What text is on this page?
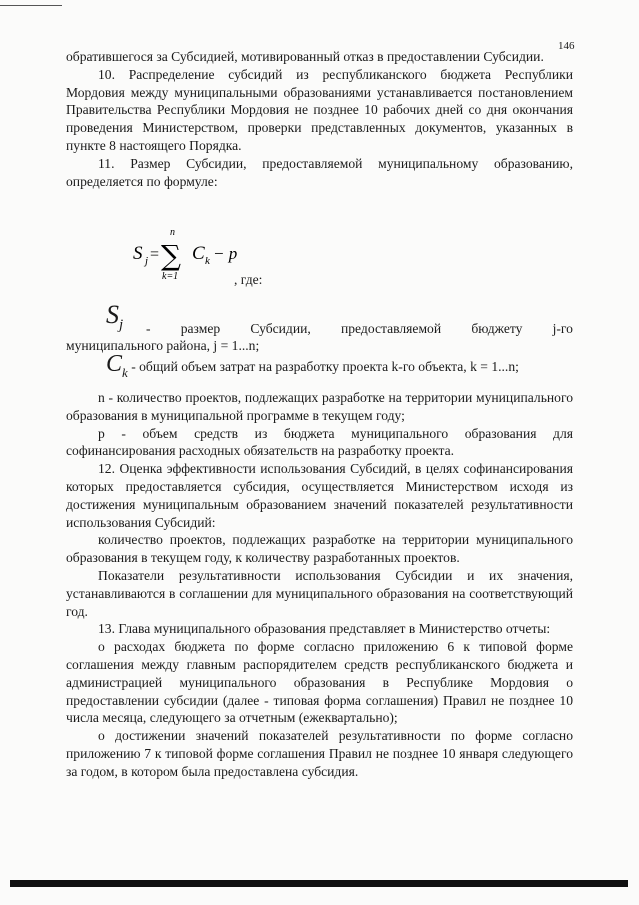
146

обратившегося за Субсидией, мотивированный отказ в предоставлении Субсидии.

10. Распределение субсидий из республиканского бюджета Республики Мордовия между муниципальными образованиями устанавливается постановлением Правительства Республики Мордовия не позднее 10 рабочих дней со дня окончания проведения Министерством, проверки представленных документов, указанных в пункте 8 настоящего Порядка.

11. Размер Субсидии, предоставляемой муниципальному образованию, определяется по формуле:

S j = ∑
n
k=1
C k − p
, где:
$S_j$ - размер Субсидии, предоставляемой бюджету j-го
муниципального района, j = 1...n;

$C_k$ - общий объем затрат на разработку проекта k-го объекта, k = 1...n;

n - количество проектов, подлежащих разработке на территории муниципального образования в муниципальной программе в текущем году;

p - объем средств из бюджета муниципального образования для софинансирования расходных обязательств на разработку проекта.

12. Оценка эффективности использования Субсидий, в целях софинансирования которых предоставляется субсидия, осуществляется Министерством исходя из достижения муниципальным образованием значений показателей результативности использования Субсидий:

количество проектов, подлежащих разработке на территории муниципального образования в текущем году, к количеству разработанных проектов.

Показатели результативности использования Субсидии и их значения, устанавливаются в соглашении для муниципального образования на соответствующий год.

13. Глава муниципального образования представляет в Министерство отчеты:

о расходах бюджета по форме согласно приложению 6 к типовой форме соглашения между главным распорядителем средств республиканского бюджета и администрацией муниципального образования в Республике Мордовия о предоставлении субсидии (далее - типовая форма соглашения) Правил не позднее 10 числа месяца, следующего за отчетным (ежеквартально);

о достижении значений показателей результативности по форме согласно приложению 7 к типовой форме соглашения Правил не позднее 10 января следующего за годом, в котором была предоставлена субсидия.
